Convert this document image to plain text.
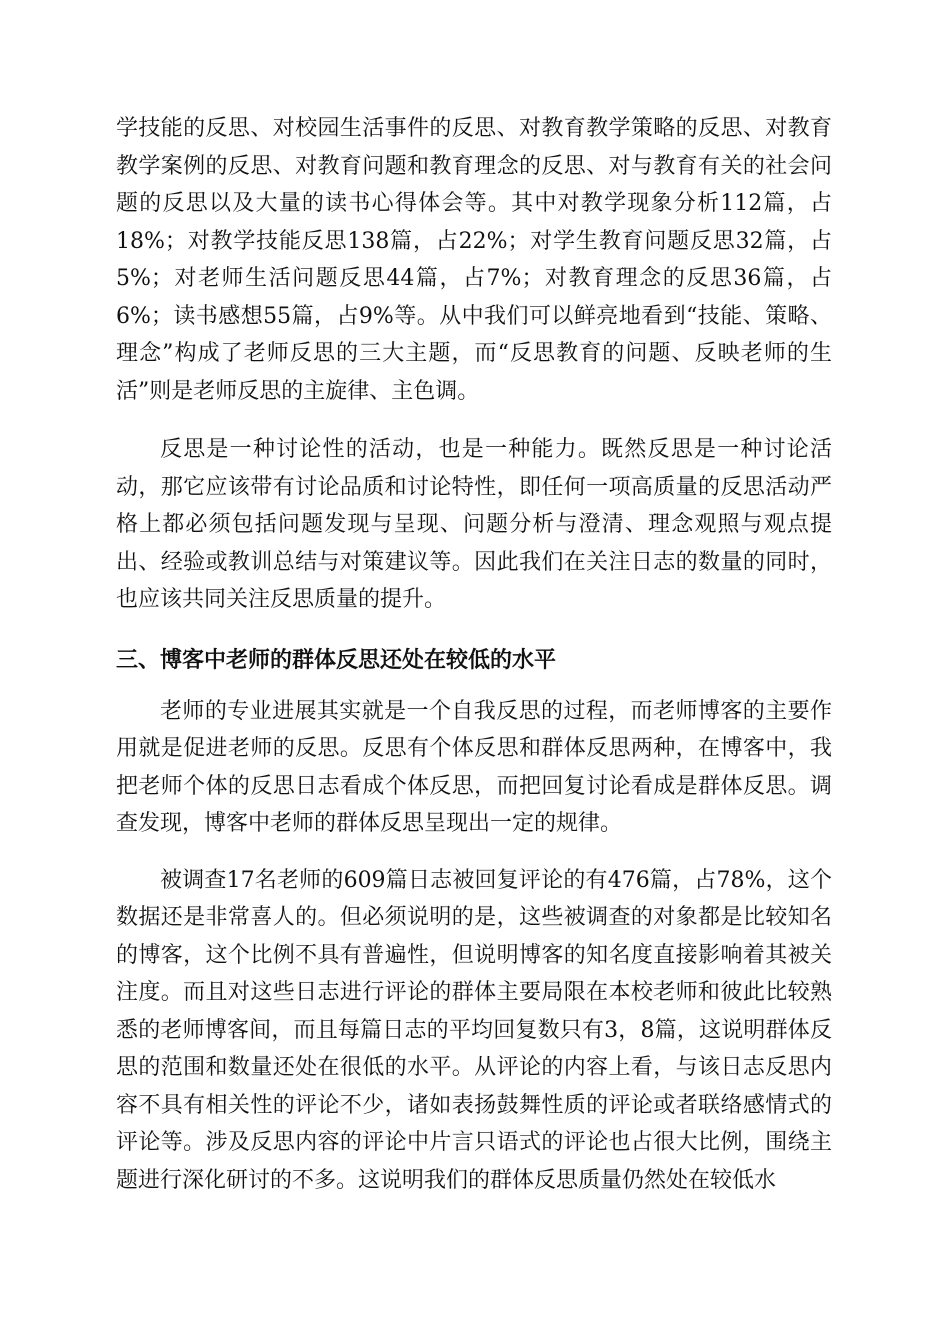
学技能的反思、对校园生活事件的反思、对教育教学策略的反思、对教育教学案例的反思、对教育问题和教育理念的反思、对与教育有关的社会问题的反思以及大量的读书心得体会等。其中对教学现象分析112篇，占18%；对教学技能反思138篇，占22%；对学生教育问题反思32篇，占5%；对老师生活问题反思44篇，占7%；对教育理念的反思36篇，占6%；读书感想55篇，占9%等。从中我们可以鲜亮地看到“技能、策略、理念”构成了老师反思的三大主题，而“反思教育的问题、反映老师的生活”则是老师反思的主旋律、主色调。

反思是一种讨论性的活动，也是一种能力。既然反思是一种讨论活动，那它应该带有讨论品质和讨论特性，即任何一项高质量的反思活动严格上都必须包括问题发现与呈现、问题分析与澄清、理念观照与观点提出、经验或教训总结与对策建议等。因此我们在关注日志的数量的同时，也应该共同关注反思质量的提升。

三、博客中老师的群体反思还处在较低的水平

老师的专业进展其实就是一个自我反思的过程，而老师博客的主要作用就是促进老师的反思。反思有个体反思和群体反思两种，在博客中，我把老师个体的反思日志看成个体反思，而把回复讨论看成是群体反思。调查发现，博客中老师的群体反思呈现出一定的规律。

被调查17名老师的609篇日志被回复评论的有476篇，占78%，这个数据还是非常喜人的。但必须说明的是，这些被调查的对象都是比较知名的博客，这个比例不具有普遍性，但说明博客的知名度直接影响着其被关注度。而且对这些日志进行评论的群体主要局限在本校老师和彼此比较熟悉的老师博客间，而且每篇日志的平均回复数只有3，8篇，这说明群体反思的范围和数量还处在很低的水平。从评论的内容上看，与该日志反思内容不具有相关性的评论不少，诸如表扬鼓舞性质的评论或者联络感情式的评论等。涉及反思内容的评论中片言只语式的评论也占很大比例，围绕主题进行深化研讨的不多。这说明我们的群体反思质量仍然处在较低水
